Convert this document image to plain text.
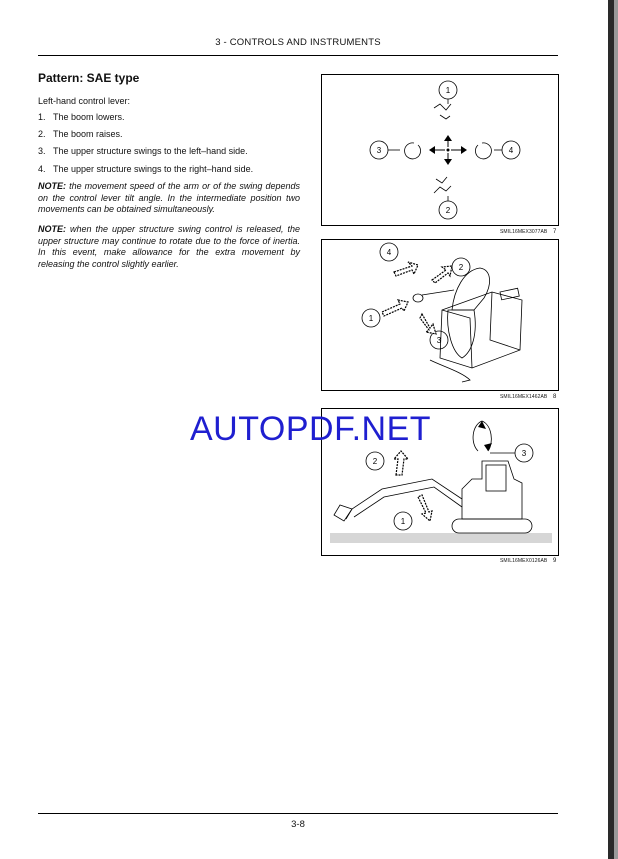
3 - CONTROLS AND INSTRUMENTS
Pattern: SAE type
Left-hand control lever:
1. The boom lowers.
2. The boom raises.
3. The upper structure swings to the left–hand side.
4. The upper structure swings to the right–hand side.
NOTE: the movement speed of the arm or of the swing depends on the control lever tilt angle. In the intermediate position two movements can be obtained simultaneously.
NOTE: when the upper structure swing control is released, the upper structure may continue to rotate due to the force of inertia. In this event, make allowance for the extra movement by releasing the control slightly earlier.
1
2
3	4
SMIL16MEX3077AB 7
1
2
3
4
SMIL16MEX1462AB 8
1
2
3
SMIL16MEX0126AB 9
AUTOPDF.NET
3-8
